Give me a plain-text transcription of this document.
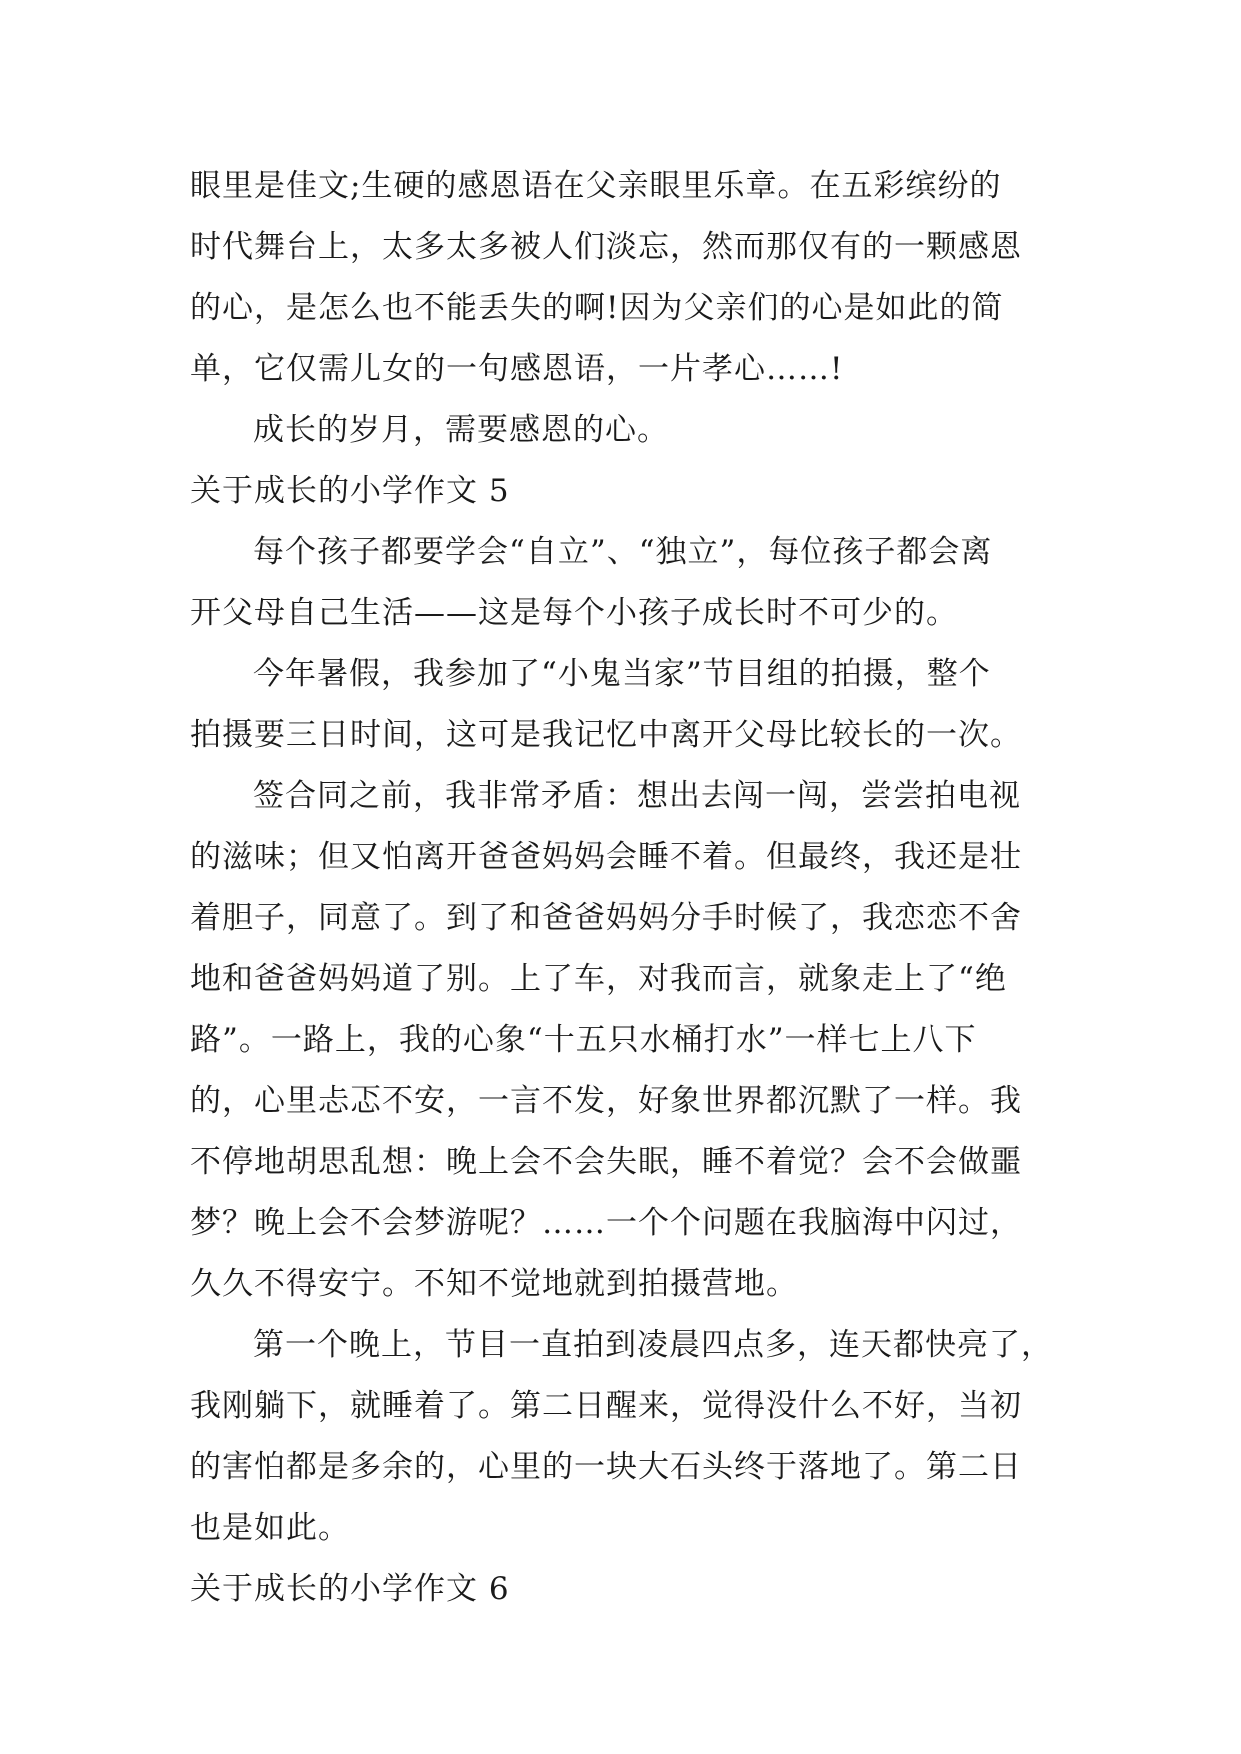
眼里是佳文;生硬的感恩语在父亲眼里乐章。在五彩缤纷的
时代舞台上，太多太多被人们淡忘，然而那仅有的一颗感恩
的心，是怎么也不能丢失的啊!因为父亲们的心是如此的简
单，它仅需儿女的一句感恩语，一片孝心……!
成长的岁月，需要感恩的心。
关于成长的小学作文 5
每个孩子都要学会“自立”、“独立”，每位孩子都会离
开父母自己生活——这是每个小孩子成长时不可少的。
今年暑假，我参加了“小鬼当家”节目组的拍摄，整个
拍摄要三日时间，这可是我记忆中离开父母比较长的一次。
签合同之前，我非常矛盾：想出去闯一闯，尝尝拍电视
的滋味；但又怕离开爸爸妈妈会睡不着。但最终，我还是壮
着胆子，同意了。到了和爸爸妈妈分手时候了，我恋恋不舍
地和爸爸妈妈道了别。上了车，对我而言，就象走上了“绝
路”。一路上，我的心象“十五只水桶打水”一样七上八下
的，心里忐忑不安，一言不发，好象世界都沉默了一样。我
不停地胡思乱想：晚上会不会失眠，睡不着觉？会不会做噩
梦？晚上会不会梦游呢？……一个个问题在我脑海中闪过，
久久不得安宁。不知不觉地就到拍摄营地。
第一个晚上，节目一直拍到凌晨四点多，连天都快亮了，
我刚躺下，就睡着了。第二日醒来，觉得没什么不好，当初
的害怕都是多余的，心里的一块大石头终于落地了。第二日
也是如此。
关于成长的小学作文 6
